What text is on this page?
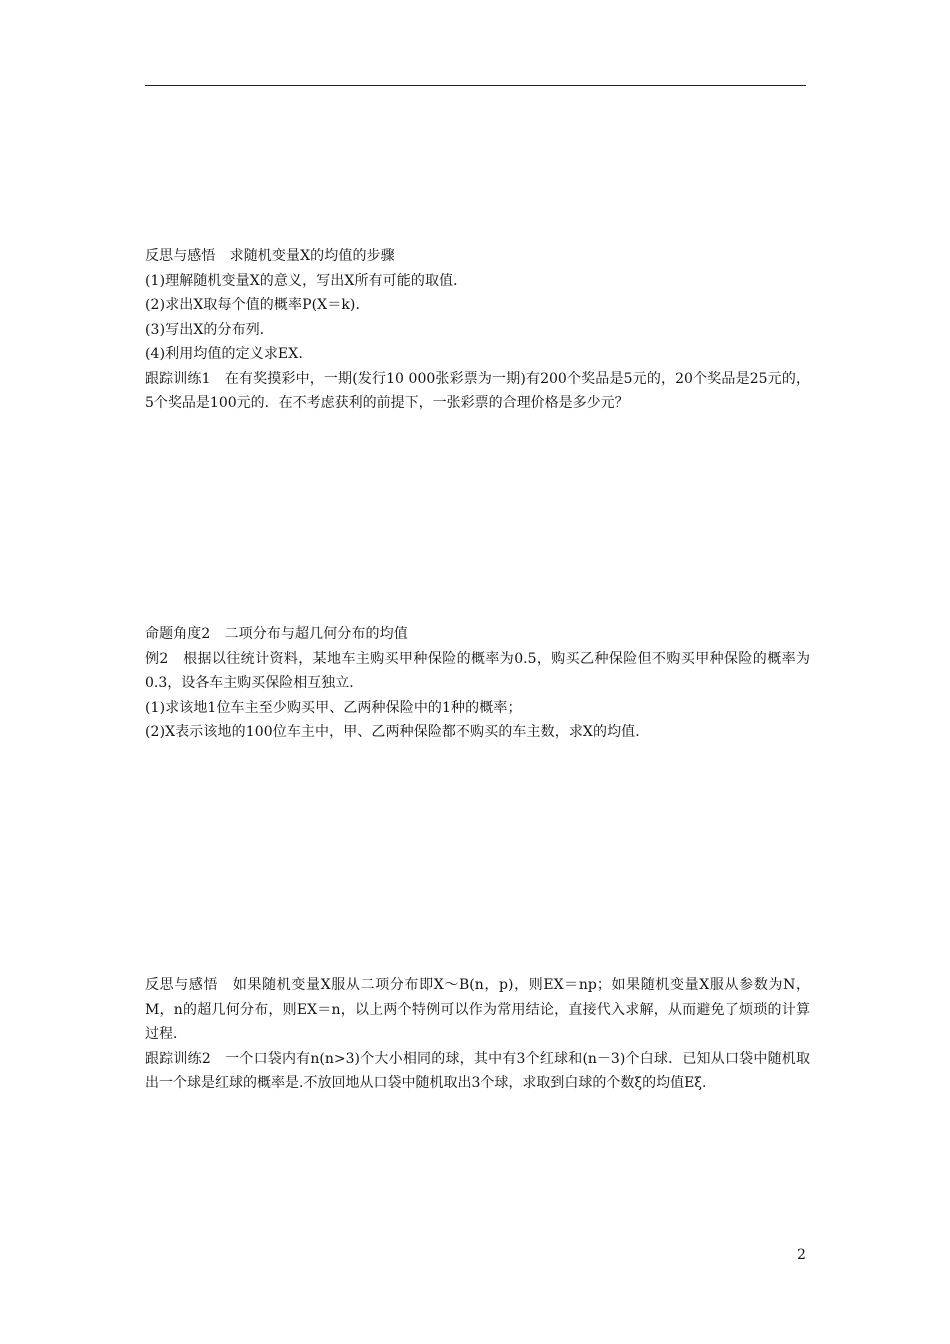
反思与感悟　求随机变量X的均值的步骤
(1)理解随机变量X的意义，写出X所有可能的取值．
(2)求出X取每个值的概率P(X＝k)．
(3)写出X的分布列．
(4)利用均值的定义求EX.
跟踪训练1　在有奖摸彩中，一期(发行10 000张彩票为一期)有200个奖品是5元的，20个奖品是25元的，5个奖品是100元的．在不考虑获利的前提下，一张彩票的合理价格是多少元？
命题角度2　二项分布与超几何分布的均值
例2　根据以往统计资料，某地车主购买甲种保险的概率为0.5，购买乙种保险但不购买甲种保险的概率为0.3，设各车主购买保险相互独立.
(1)求该地1位车主至少购买甲、乙两种保险中的1种的概率；
(2)X表示该地的100位车主中，甲、乙两种保险都不购买的车主数，求X的均值.
反思与感悟　如果随机变量X服从二项分布即X～B(n，p)，则EX＝np；如果随机变量X服从参数为N，M，n的超几何分布，则EX＝n，以上两个特例可以作为常用结论，直接代入求解，从而避免了烦琐的计算过程.
跟踪训练2　一个口袋内有n(n>3)个大小相同的球，其中有3个红球和(n－3)个白球．已知从口袋中随机取出一个球是红球的概率是.不放回地从口袋中随机取出3个球，求取到白球的个数ξ的均值Eξ.
2
